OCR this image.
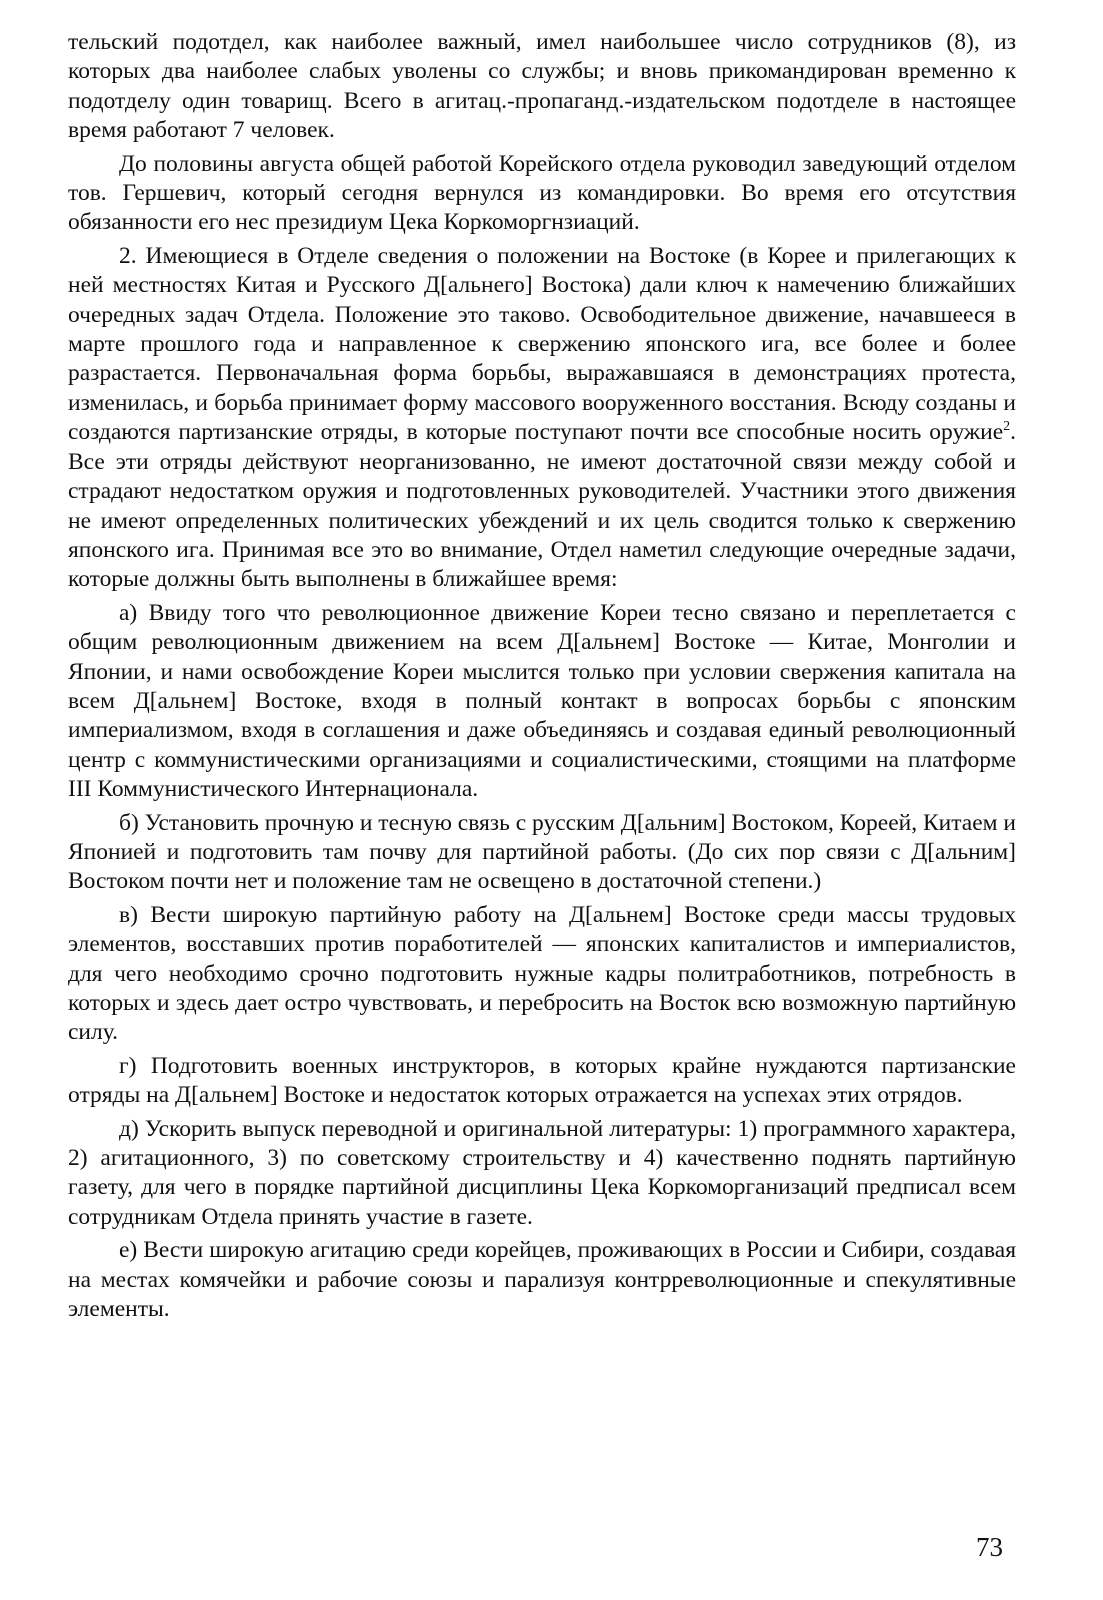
тельский подотдел, как наиболее важный, имел наибольшее число сотрудников (8), из которых два наиболее слабых уволены со службы; и вновь прикомандирован временно к подотделу один товарищ. Всего в агитац.-пропаганд.-издательском подотделе в настоящее время работают 7 человек.

До половины августа общей работой Корейского отдела руководил заведующий отделом тов. Гершевич, который сегодня вернулся из командировки. Во время его отсутствия обязанности его нес президиум Цека Коркоморгнзиаций.

2. Имеющиеся в Отделе сведения о положении на Востоке (в Корее и прилегающих к ней местностях Китая и Русского Д[альнего] Востока) дали ключ к намечению ближайших очередных задач Отдела. Положение это таково. Освободительное движение, начавшееся в марте прошлого года и направленное к свержению японского ига, все более и более разрастается. Первоначальная форма борьбы, выражавшаяся в демонстрациях протеста, изменилась, и борьба принимает форму массового вооруженного восстания. Всюду созданы и создаются партизанские отряды, в которые поступают почти все способные носить оружие$^2$. Все эти отряды действуют неорганизованно, не имеют достаточной связи между собой и страдают недостатком оружия и подготовленных руководителей. Участники этого движения не имеют определенных политических убеждений и их цель сводится только к свержению японского ига. Принимая все это во внимание, Отдел наметил следующие очередные задачи, которые должны быть выполнены в ближайшее время:

а) Ввиду того что революционное движение Кореи тесно связано и переплетается с общим революционным движением на всем Д[альнем] Востоке — Китае, Монголии и Японии, и нами освобождение Кореи мыслится только при условии свержения капитала на всем Д[альнем] Востоке, входя в полный контакт в вопросах борьбы с японским империализмом, входя в соглашения и даже объединяясь и создавая единый революционный центр с коммунистическими организациями и социалистическими, стоящими на платформе III Коммунистического Интернационала.

б) Установить прочную и тесную связь с русским Д[альним] Востоком, Кореей, Китаем и Японией и подготовить там почву для партийной работы. (До сих пор связи с Д[альним] Востоком почти нет и положение там не освещено в достаточной степени.)

в) Вести широкую партийную работу на Д[альнем] Востоке среди массы трудовых элементов, восставших против поработителей — японских капиталистов и империалистов, для чего необходимо срочно подготовить нужные кадры политработников, потребность в которых и здесь дает остро чувствовать, и перебросить на Восток всю возможную партийную силу.

г) Подготовить военных инструкторов, в которых крайне нуждаются партизанские отряды на Д[альнем] Востоке и недостаток которых отражается на успехах этих отрядов.

д) Ускорить выпуск переводной и оригинальной литературы: 1) программного характера, 2) агитационного, 3) по советскому строительству и 4) качественно поднять партийную газету, для чего в порядке партийной дисциплины Цека Коркоморганизаций предписал всем сотрудникам Отдела принять участие в газете.

е) Вести широкую агитацию среди корейцев, проживающих в России и Сибири, создавая на местах комячейки и рабочие союзы и парализуя контрреволюционные и спекулятивные элементы.

73
